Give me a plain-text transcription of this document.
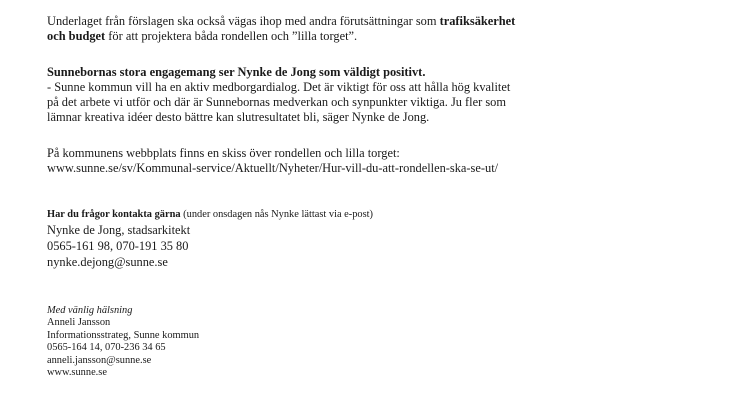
Underlaget från förslagen ska också vägas ihop med andra förutsättningar som trafiksäkerhet

och budget för att projektera båda rondellen och ”lilla torget”.

Sunnebornas stora engagemang ser Nynke de Jong som väldigt positivt.

- Sunne kommun vill ha en aktiv medborgardialog. Det är viktigt för oss att hålla hög kvalitet

på det arbete vi utför och där är Sunnebornas medverkan och synpunkter viktiga. Ju fler som

lämnar kreativa idéer desto bättre kan slutresultatet bli, säger Nynke de Jong.

På kommunens webbplats finns en skiss över rondellen och lilla torget:

www.sunne.se/sv/Kommunal-service/Aktuellt/Nyheter/Hur-vill-du-att-rondellen-ska-se-ut/

Har du frågor kontakta gärna (under onsdagen nås Nynke lättast via e-post)

Nynke de Jong, stadsarkitekt

0565-161 98, 070-191 35 80

nynke.dejong@sunne.se

Med vänlig hälsning

Anneli Jansson

Informationsstrateg, Sunne kommun

0565-164 14, 070-236 34 65

anneli.jansson@sunne.se

www.sunne.se
